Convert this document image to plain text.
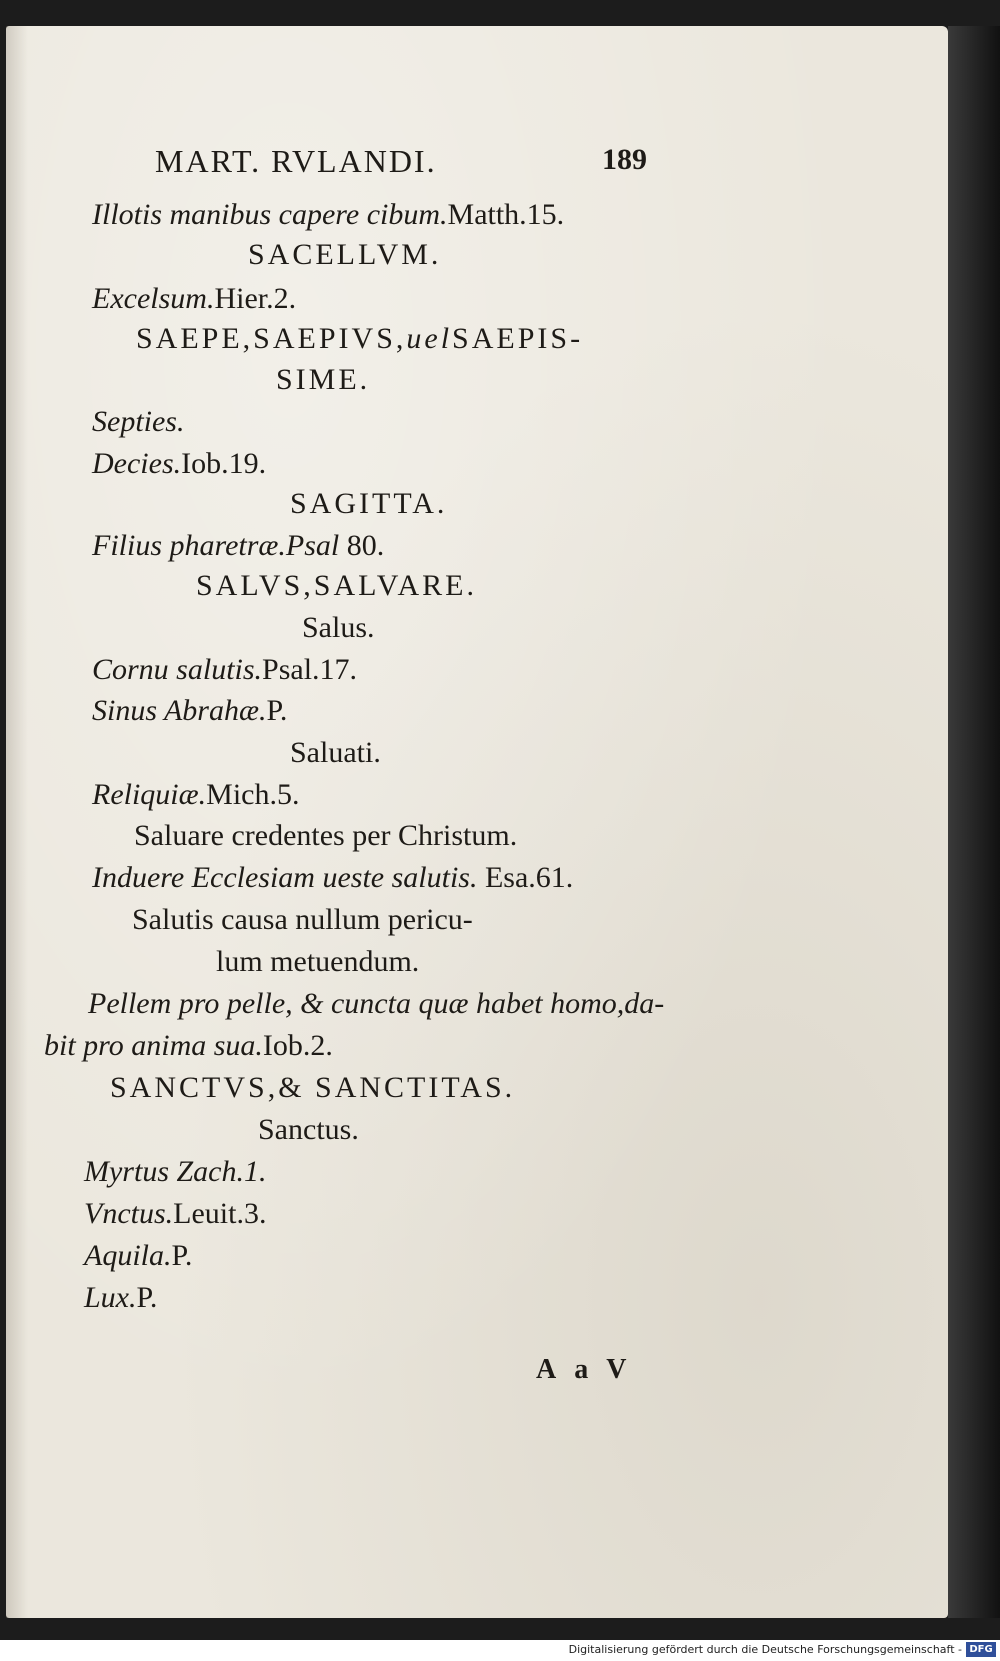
MART. RVLANDI.	189
Illotis manibus capere cibum.Matth.15.
SACELLVM.
Excelsum.Hier.2.
SAEPE,SAEPIVS,uelSAEPIS-
SIME.
Septies.
Decies.Iob.19.
SAGITTA.
Filius pharetræ.Psal 80.
SALVS,SALVARE.
Salus.
Cornu salutis.Psal.17.
Sinus Abrahæ.P.
Saluati.
Reliquiæ.Mich.5.
Saluare credentes per Christum.
Induere Ecclesiam ueste salutis. Esa.61.
Salutis causa nullum pericu-
lum metuendum.
Pellem pro pelle, & cuncta quæ habet homo,da-
bit pro anima sua.Iob.2.
SANCTVS,& SANCTITAS.
Sanctus.
Myrtus Zach.1.
Vnctus.Leuit.3.
Aquila.P.
Lux.P.
AaV
Digitalisierung gefördert durch die Deutsche Forschungsgemeinschaft - DFG
